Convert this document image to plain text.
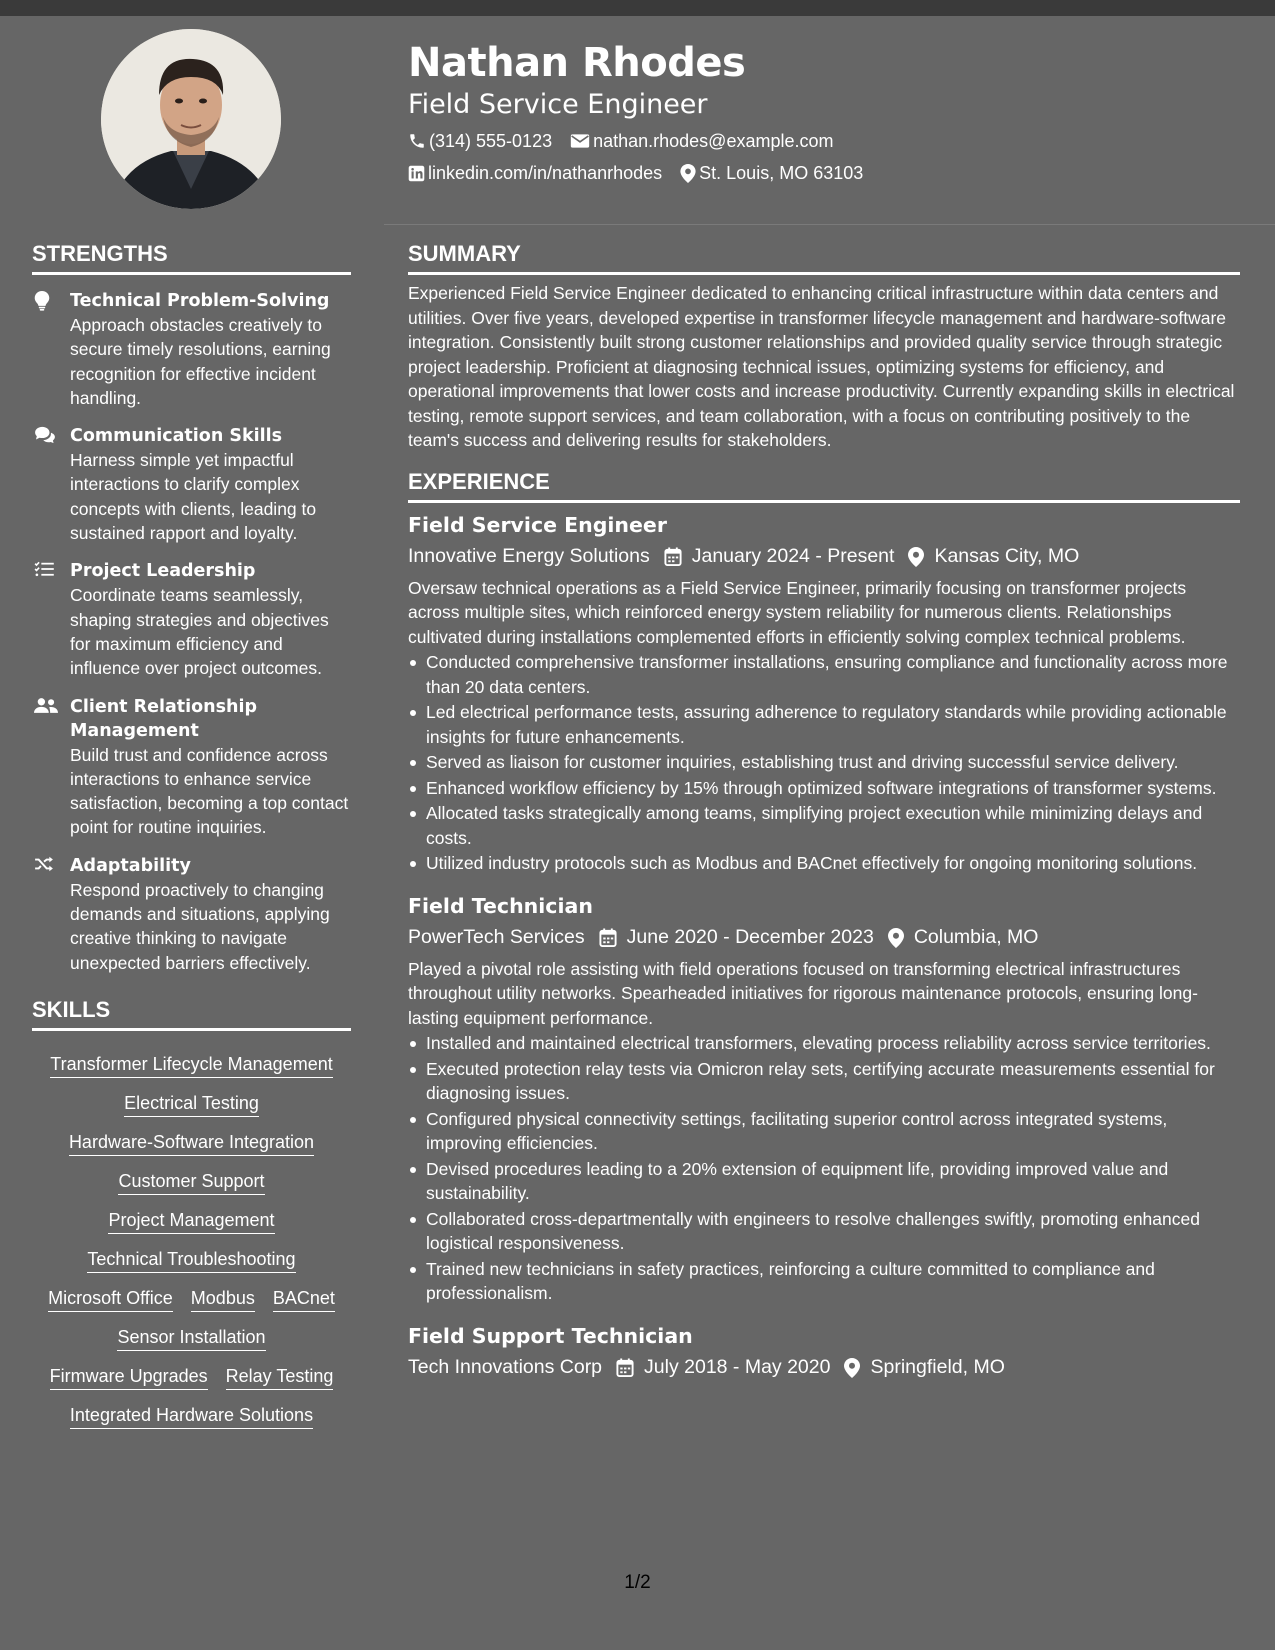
Nathan Rhodes
Field Service Engineer
(314) 555-0123 nathan.rhodes@example.com
linkedin.com/in/nathanrhodes St. Louis, MO 63103
STRENGTHS
Technical Problem-Solving
Approach obstacles creatively to secure timely resolutions, earning recognition for effective incident handling.
Communication Skills
Harness simple yet impactful interactions to clarify complex concepts with clients, leading to sustained rapport and loyalty.
Project Leadership
Coordinate teams seamlessly, shaping strategies and objectives for maximum efficiency and influence over project outcomes.
Client Relationship Management
Build trust and confidence across interactions to enhance service satisfaction, becoming a top contact point for routine inquiries.
Adaptability
Respond proactively to changing demands and situations, applying creative thinking to navigate unexpected barriers effectively.
SKILLS
Transformer Lifecycle Management
Electrical Testing
Hardware-Software Integration
Customer Support
Project Management
Technical Troubleshooting
Microsoft Office Modbus BACnet
Sensor Installation
Firmware Upgrades Relay Testing
Integrated Hardware Solutions
SUMMARY
Experienced Field Service Engineer dedicated to enhancing critical infrastructure within data centers and utilities. Over five years, developed expertise in transformer lifecycle management and hardware-software integration. Consistently built strong customer relationships and provided quality service through strategic project leadership. Proficient at diagnosing technical issues, optimizing systems for efficiency, and operational improvements that lower costs and increase productivity. Currently expanding skills in electrical testing, remote support services, and team collaboration, with a focus on contributing positively to the team's success and delivering results for stakeholders.
EXPERIENCE
Field Service Engineer
Innovative Energy Solutions January 2024 - Present Kansas City, MO
Oversaw technical operations as a Field Service Engineer, primarily focusing on transformer projects across multiple sites, which reinforced energy system reliability for numerous clients. Relationships cultivated during installations complemented efforts in efficiently solving complex technical problems.
Conducted comprehensive transformer installations, ensuring compliance and functionality across more than 20 data centers.
Led electrical performance tests, assuring adherence to regulatory standards while providing actionable insights for future enhancements.
Served as liaison for customer inquiries, establishing trust and driving successful service delivery.
Enhanced workflow efficiency by 15% through optimized software integrations of transformer systems.
Allocated tasks strategically among teams, simplifying project execution while minimizing delays and costs.
Utilized industry protocols such as Modbus and BACnet effectively for ongoing monitoring solutions.
Field Technician
PowerTech Services June 2020 - December 2023 Columbia, MO
Played a pivotal role assisting with field operations focused on transforming electrical infrastructures throughout utility networks. Spearheaded initiatives for rigorous maintenance protocols, ensuring long-lasting equipment performance.
Installed and maintained electrical transformers, elevating process reliability across service territories.
Executed protection relay tests via Omicron relay sets, certifying accurate measurements essential for diagnosing issues.
Configured physical connectivity settings, facilitating superior control across integrated systems, improving efficiencies.
Devised procedures leading to a 20% extension of equipment life, providing improved value and sustainability.
Collaborated cross-departmentally with engineers to resolve challenges swiftly, promoting enhanced logistical responsiveness.
Trained new technicians in safety practices, reinforcing a culture committed to compliance and professionalism.
Field Support Technician
Tech Innovations Corp July 2018 - May 2020 Springfield, MO
1/2
